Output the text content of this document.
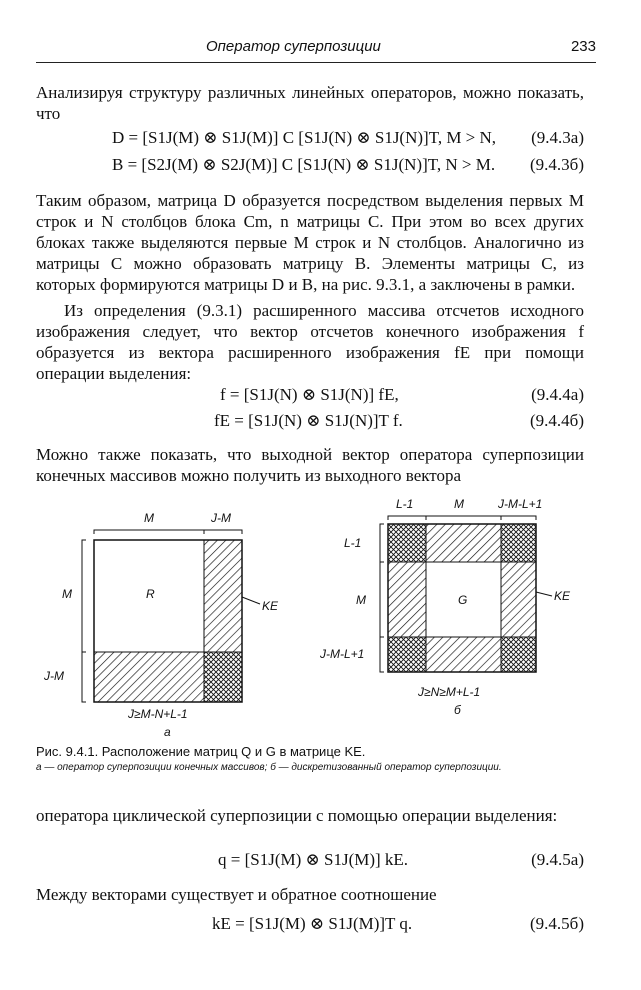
Оператор суперпозиции	233
Анализируя структуру различных линейных операторов, можно показать, что
D = [S1J(M) ⊗ S1J(M)] C [S1J(N) ⊗ S1J(N)]T, M > N, (9.4.3a)
B = [S2J(M) ⊗ S2J(M)] C [S1J(N) ⊗ S1J(N)]T, N > M. (9.4.3б)
Таким образом, матрица D образуется посредством выделения первых M строк и N столбцов блока Cm, n матрицы C. При этом во всех других блоках также выделяются первые M строк и N столбцов. Аналогично из матрицы C можно образовать матрицу B. Элементы матрицы C, из которых формируются матрицы D и B, на рис. 9.3.1, a заключены в рамки.
Из определения (9.3.1) расширенного массива отсчетов исходного изображения следует, что вектор отсчетов конечного изображения f образуется из вектора расширенного изображения fE при помощи операции выделения:
f = [S1J(N) ⊗ S1J(N)] fE,	(9.4.4a)
fE = [S1J(N) ⊗ S1J(N)]T f.	(9.4.4б)
Можно также показать, что выходной вектор оператора суперпозиции конечных массивов можно получить из выходного вектора
M	J-M
M
J-M
R
KE
J≥M-N+L-1
a
L-1	M	J-M-L+1
L-1
M
J-M-L+1
G	KE
J≥N≥M+L-1
б
Рис. 9.4.1. Расположение матриц Q и G в матрице KE.
a — оператор суперпозиции конечных массивов; б — дискретизованный оператор суперпозиции.
оператора циклической суперпозиции с помощью операции выделения:
q = [S1J(M) ⊗ S1J(M)] kE.	(9.4.5a)
Между векторами существует и обратное соотношение
kE = [S1J(M) ⊗ S1J(M)]T q.	(9.4.5б)
